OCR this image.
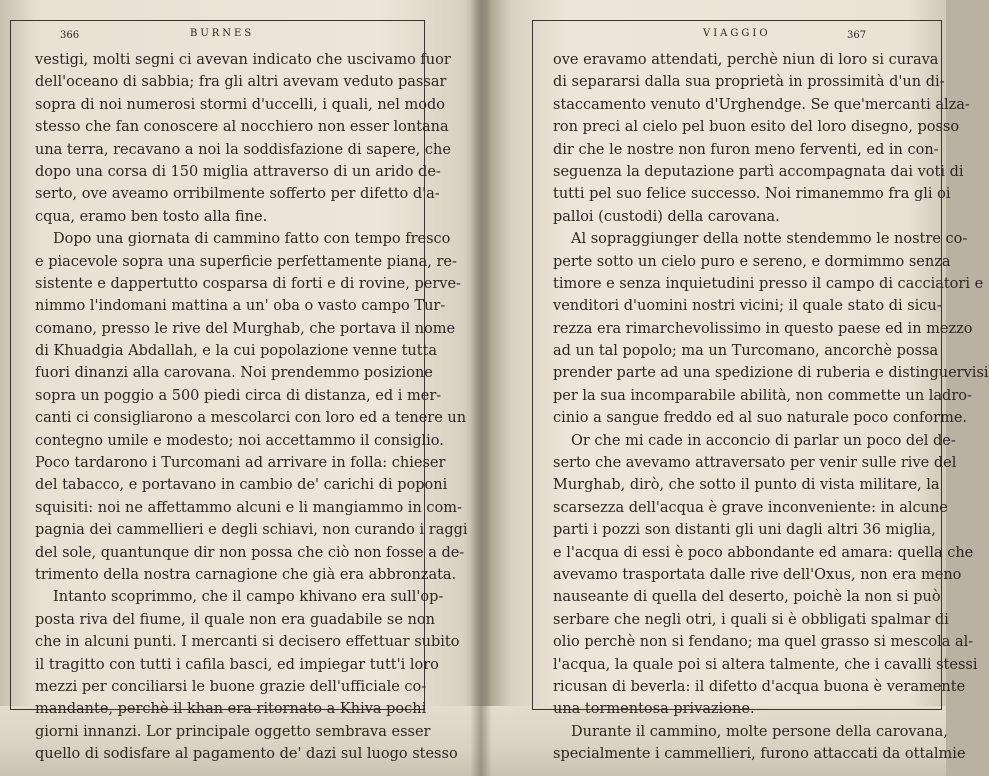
366	BURNES
vestigi, molti segni ci avevan indicato che uscivamo fuor
dell'oceano di sabbia; fra gli altri avevam veduto passar
sopra di noi numerosi stormi d'uccelli, i quali, nel modo
stesso che fan conoscere al nocchiero non esser lontana
una terra, recavano a noi la soddisfazione di sapere, che
dopo una corsa di 150 miglia attraverso di un arido de-
serto, ove aveamo orribilmente sofferto per difetto d'a-
cqua, eramo ben tosto alla fine.
Dopo una giornata di cammino fatto con tempo fresco
e piacevole sopra una superficie perfettamente piana, re-
sistente e dappertutto cosparsa di forti e di rovine, perve-
nimmo l'indomani mattina a un' oba o vasto campo Tur-
comano, presso le rive del Murghab, che portava il nome
di Khuadgia Abdallah, e la cui popolazione venne tutta
fuori dinanzi alla carovana. Noi prendemmo posizione
sopra un poggio a 500 piedi circa di distanza, ed i mer-
canti ci consigliarono a mescolarci con loro ed a tenere un
contegno umile e modesto; noi accettammo il consiglio.
Poco tardarono i Turcomani ad arrivare in folla: chieser
del tabacco, e portavano in cambio de' carichi di poponi
squisiti: noi ne affettammo alcuni e li mangiammo in com-
pagnia dei cammellieri e degli schiavi, non curando i raggi
del sole, quantunque dir non possa che ciò non fosse a de-
trimento della nostra carnagione che già era abbronzata.
Intanto scoprimmo, che il campo khivano era sull'op-
posta riva del fiume, il quale non era guadabile se non
che in alcuni punti. I mercanti si decisero effettuar subito
il tragitto con tutti i cafila basci, ed impiegar tutt'i loro
mezzi per conciliarsi le buone grazie dell'ufficiale co-
mandante, perchè il khan era ritornato a Khiva pochi
giorni innanzi. Lor principale oggetto sembrava esser
quello di sodisfare al pagamento de' dazi sul luogo stesso
VIAGGIO	367
ove eravamo attendati, perchè niun di loro si curava
di separarsi dalla sua proprietà in prossimità d'un di-
staccamento venuto d'Urghendge. Se que'mercanti alza-
ron preci al cielo pel buon esito del loro disegno, posso
dir che le nostre non furon meno ferventi, ed in con-
seguenza la deputazione partì accompagnata dai voti di
tutti pel suo felice successo. Noi rimanemmo fra gli oi
palloi (custodi) della carovana.
Al sopraggiunger della notte stendemmo le nostre co-
perte sotto un cielo puro e sereno, e dormimmo senza
timore e senza inquietudini presso il campo di cacciatori e
venditori d'uomini nostri vicini; il quale stato di sicu-
rezza era rimarchevolissimo in questo paese ed in mezzo
ad un tal popolo; ma un Turcomano, ancorchè possa
prender parte ad una spedizione di ruberia e distinguervisi
per la sua incomparabile abilità, non commette un ladro-
cinio a sangue freddo ed al suo naturale poco conforme.
Or che mi cade in acconcio di parlar un poco del de-
serto che avevamo attraversato per venir sulle rive del
Murghab, dirò, che sotto il punto di vista militare, la
scarsezza dell'acqua è grave inconveniente: in alcune
parti i pozzi son distanti gli uni dagli altri 36 miglia,
e l'acqua di essi è poco abbondante ed amara: quella che
avevamo trasportata dalle rive dell'Oxus, non era meno
nauseante di quella del deserto, poichè la non si può
serbare che negli otri, i quali si è obbligati spalmar di
olio perchè non si fendano; ma quel grasso si mescola al-
l'acqua, la quale poi si altera talmente, che i cavalli stessi
ricusan di beverla: il difetto d'acqua buona è veramente
una tormentosa privazione.
Durante il cammino, molte persone della carovana,
specialmente i cammellieri, furono attaccati da ottalmie
